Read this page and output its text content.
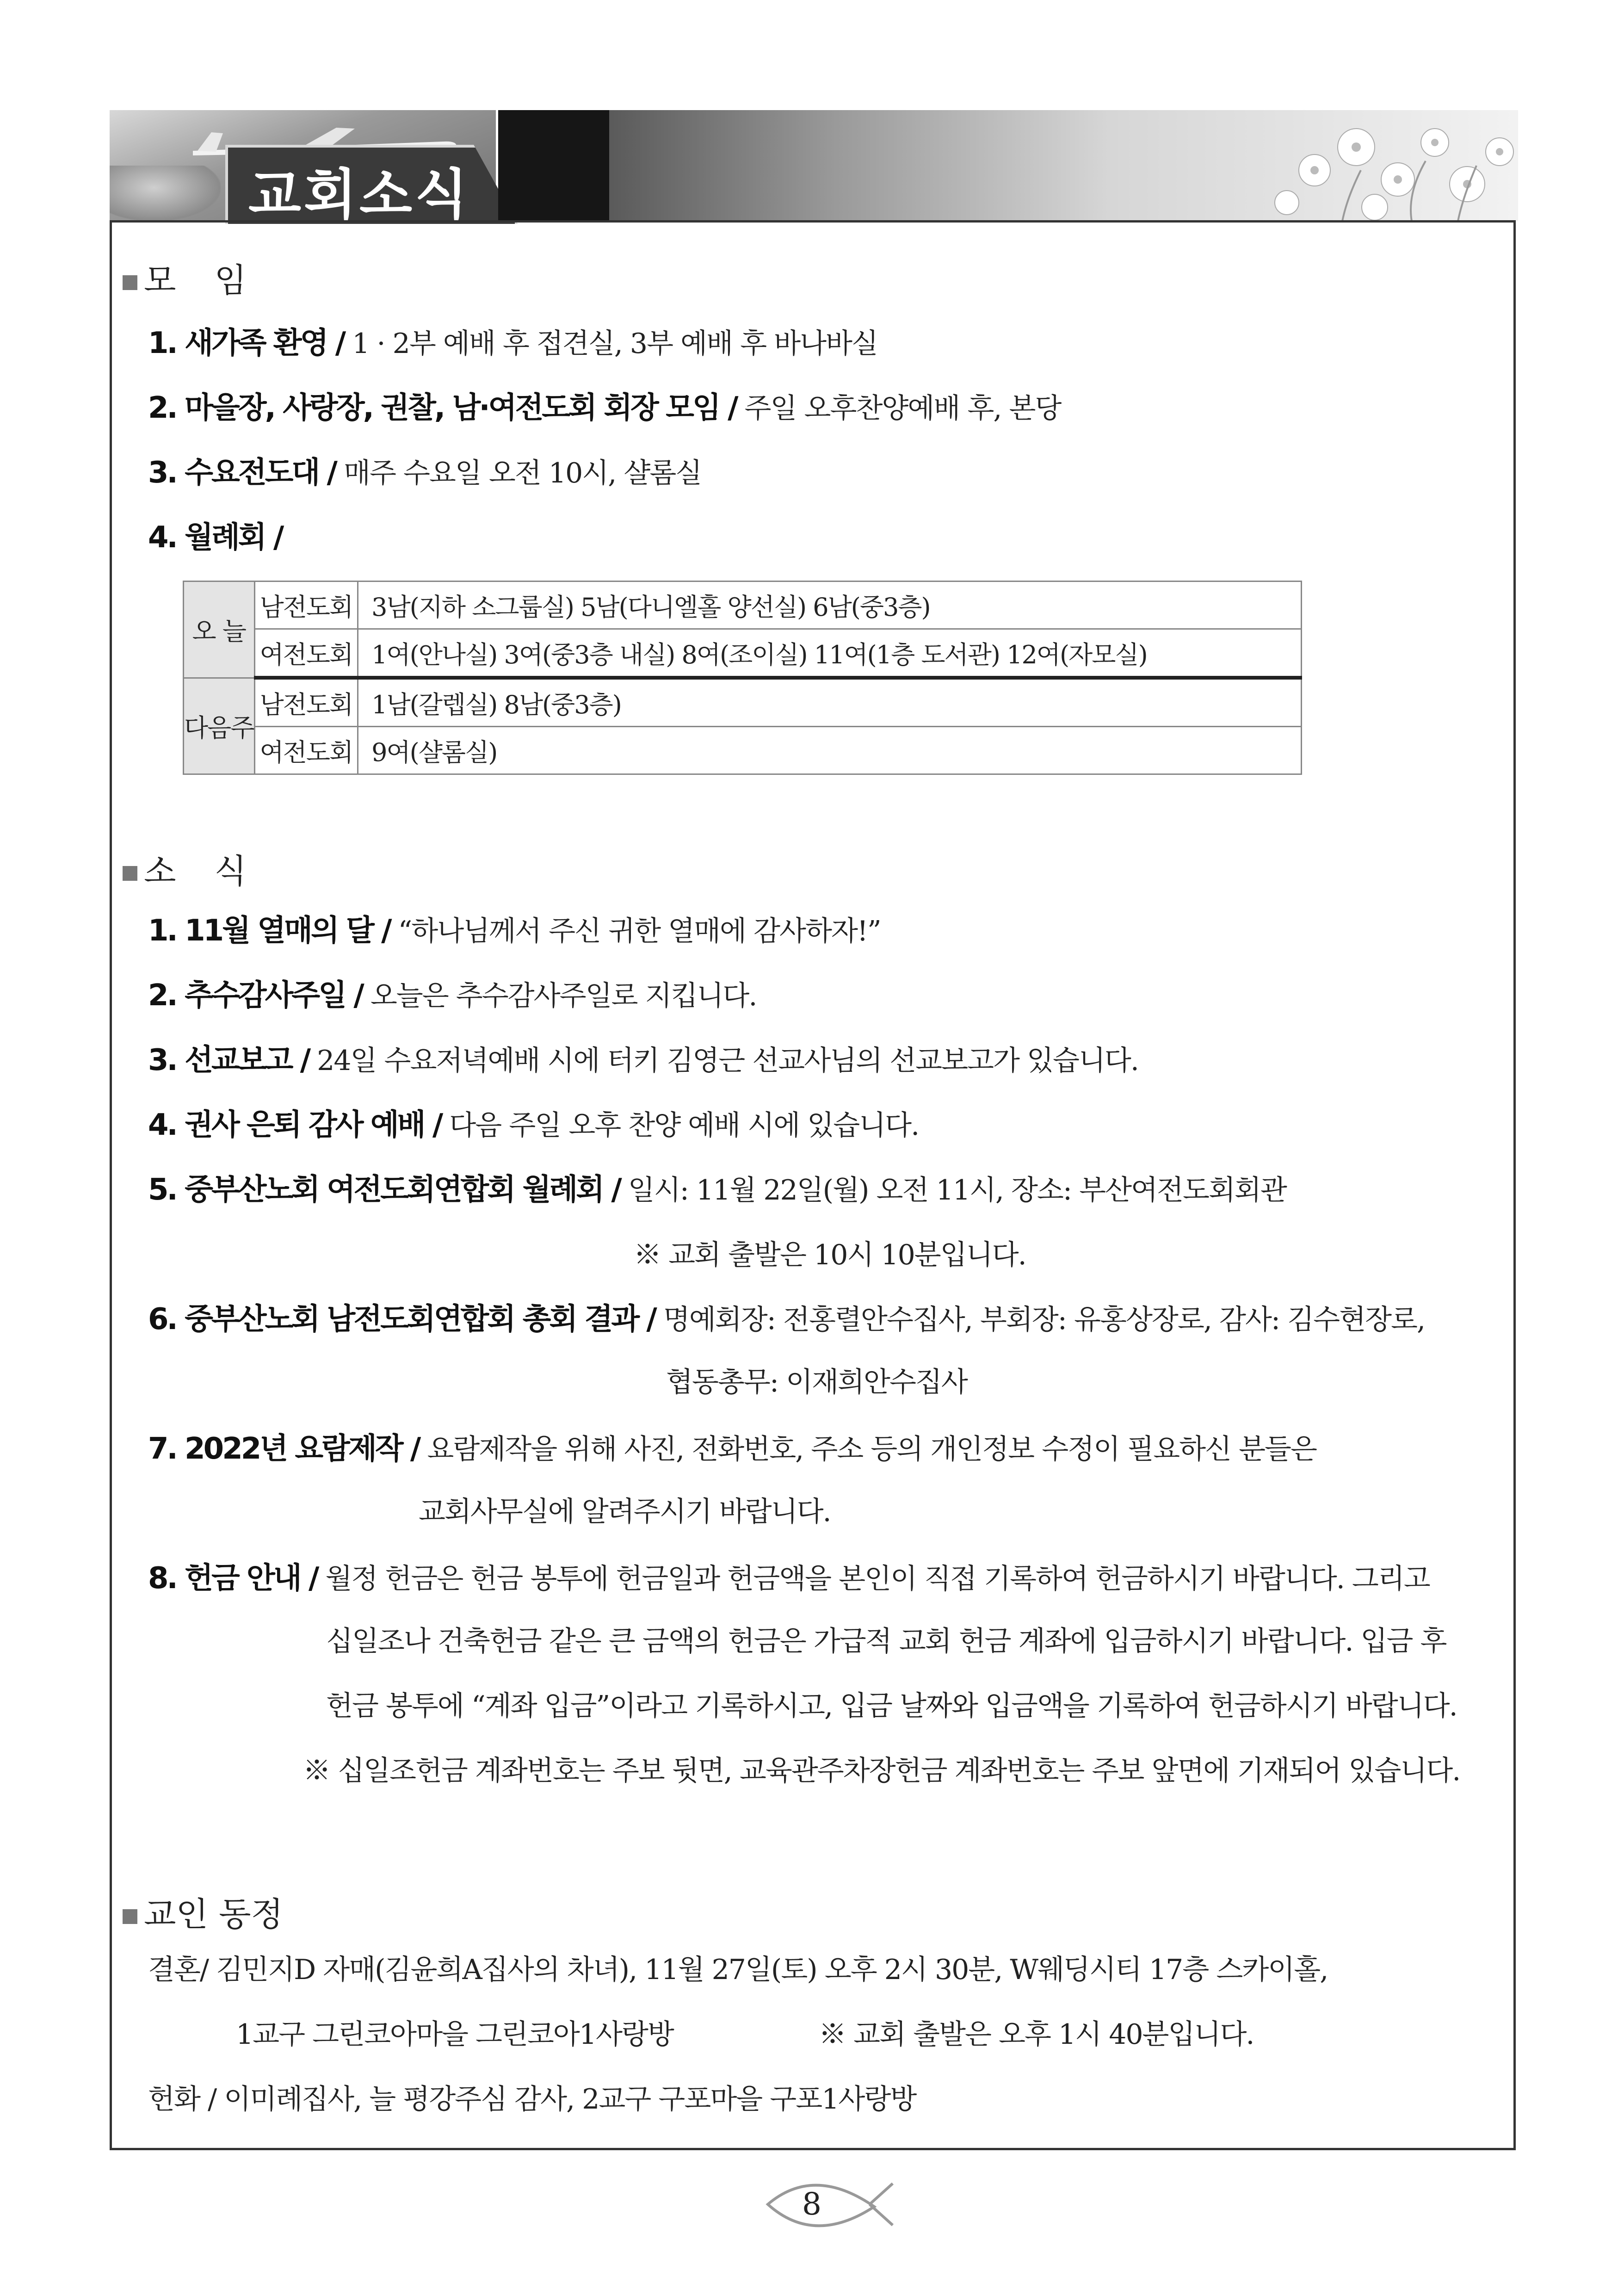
교회소식
모 임
1. 새가족 환영 / 1 · 2부 예배 후 접견실, 3부 예배 후 바나바실
2. 마을장, 사랑장, 권찰, 남·여전도회 회장 모임 / 주일 오후찬양예배 후, 본당
3. 수요전도대 / 매주 수요일 오전 10시, 샬롬실
4. 월례회 /
오 늘	남전도회	3남(지하 소그룹실) 5남(다니엘홀 양선실) 6남(중3층)
	여전도회	1여(안나실) 3여(중3층 내실) 8여(조이실) 11여(1층 도서관) 12여(자모실)
다음주	남전도회	1남(갈렙실) 8남(중3층)
	여전도회	9여(샬롬실)
소 식
1. 11월 열매의 달 / “하나님께서 주신 귀한 열매에 감사하자!”
2. 추수감사주일 / 오늘은 추수감사주일로 지킵니다.
3. 선교보고 / 24일 수요저녁예배 시에 터키 김영근 선교사님의 선교보고가 있습니다.
4. 권사 은퇴 감사 예배 / 다음 주일 오후 찬양 예배 시에 있습니다.
5. 중부산노회 여전도회연합회 월례회 / 일시: 11월 22일(월) 오전 11시, 장소: 부산여전도회회관
※ 교회 출발은 10시 10분입니다.
6. 중부산노회 남전도회연합회 총회 결과 / 명예회장: 전홍렬안수집사, 부회장: 유홍상장로, 감사: 김수현장로,
협동총무: 이재희안수집사
7. 2022년 요람제작 / 요람제작을 위해 사진, 전화번호, 주소 등의 개인정보 수정이 필요하신 분들은
교회사무실에 알려주시기 바랍니다.
8. 헌금 안내 / 월정 헌금은 헌금 봉투에 헌금일과 헌금액을 본인이 직접 기록하여 헌금하시기 바랍니다. 그리고
십일조나 건축헌금 같은 큰 금액의 헌금은 가급적 교회 헌금 계좌에 입금하시기 바랍니다. 입금 후
헌금 봉투에 “계좌 입금”이라고 기록하시고, 입금 날짜와 입금액을 기록하여 헌금하시기 바랍니다.
※ 십일조헌금 계좌번호는 주보 뒷면, 교육관주차장헌금 계좌번호는 주보 앞면에 기재되어 있습니다.
교인 동정
결혼/ 김민지D 자매(김윤희A집사의 차녀), 11월 27일(토) 오후 2시 30분, W웨딩시티 17층 스카이홀,
1교구 그린코아마을 그린코아1사랑방	※ 교회 출발은 오후 1시 40분입니다.
헌화 / 이미례집사, 늘 평강주심 감사, 2교구 구포마을 구포1사랑방
8
